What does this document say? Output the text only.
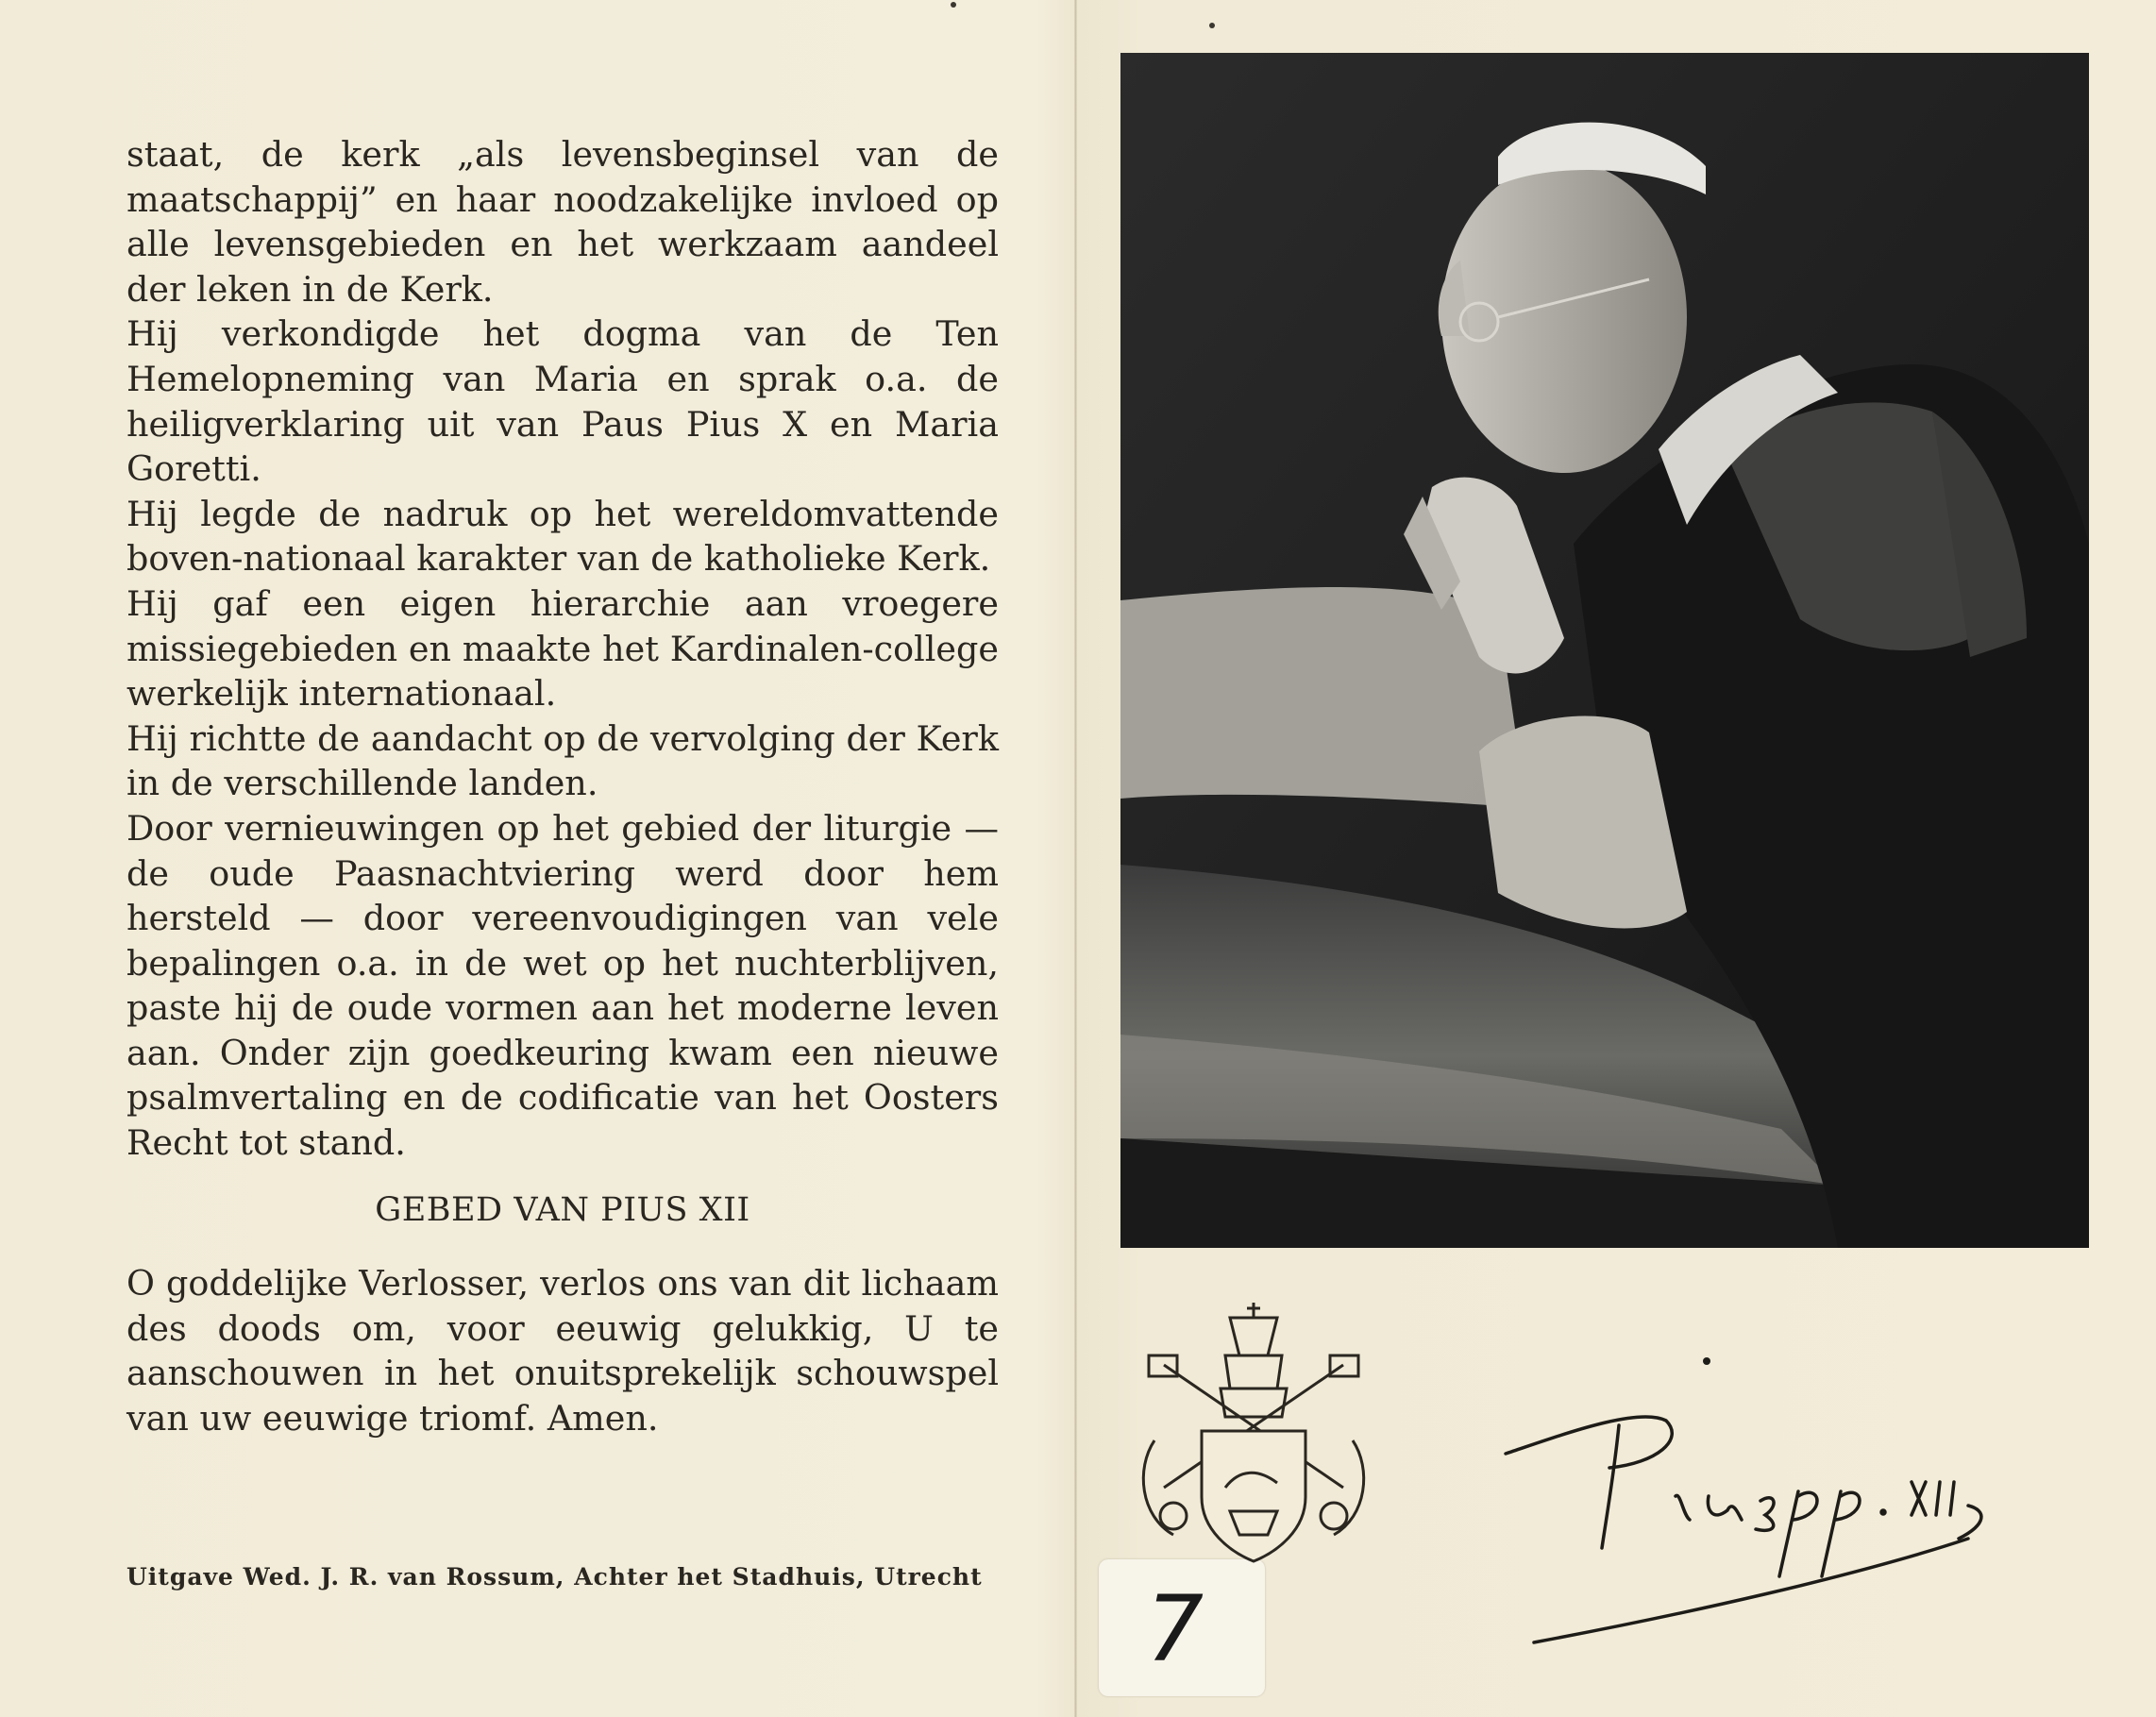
staat, de kerk „als levensbeginsel van de maatschappij” en haar noodzakelijke invloed op alle levensgebieden en het werkzaam aandeel der leken in de Kerk.

Hij verkondigde het dogma van de Ten Hemelopneming van Maria en sprak o.a. de heiligverklaring uit van Paus Pius X en Maria Goretti.

Hij legde de nadruk op het wereldomvattende boven-nationaal karakter van de katholieke Kerk.

Hij gaf een eigen hierarchie aan vroegere missiegebieden en maakte het Kardinalen-college werkelijk internationaal.

Hij richtte de aandacht op de vervolging der Kerk in de verschillende landen.

Door vernieuwingen op het gebied der liturgie — de oude Paasnachtviering werd door hem hersteld — door vereenvoudigingen van vele bepalingen o.a. in de wet op het nuchterblijven, paste hij de oude vormen aan het moderne leven aan. Onder zijn goedkeuring kwam een nieuwe psalmvertaling en de codificatie van het Oosters Recht tot stand.

GEBED VAN PIUS XII

O goddelijke Verlosser, verlos ons van dit lichaam des doods om, voor eeuwig gelukkig, U te aanschouwen in het onuitsprekelijk schouwspel van uw eeuwige triomf. Amen.

Uitgave Wed. J. R. van Rossum, Achter het Stadhuis, Utrecht 7
